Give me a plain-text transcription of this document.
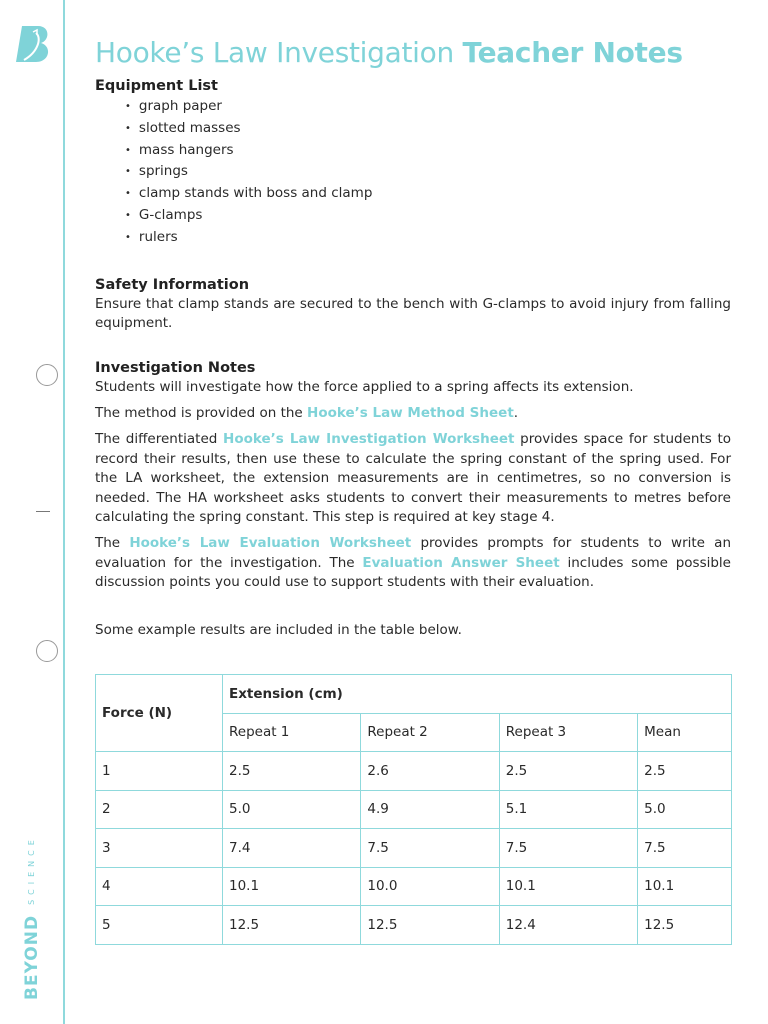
BEYONDSCIENCE
Hooke’s Law Investigation Teacher Notes
Equipment List
• graph paper
• slotted masses
• mass hangers
• springs
• clamp stands with boss and clamp
• G-clamps
• rulers
Safety Information

Ensure that clamp stands are secured to the bench with G-clamps to avoid injury from falling equipment.

Investigation Notes

Students will investigate how the force applied to a spring affects its extension.

The method is provided on the Hooke’s Law Method Sheet.

The differentiated Hooke’s Law Investigation Worksheet provides space for students to record their results, then use these to calculate the spring constant of the spring used. For the LA worksheet, the extension measurements are in centimetres, so no conversion is needed. The HA worksheet asks students to convert their measurements to metres before calculating the spring constant. This step is required at key stage 4.

The Hooke’s Law Evaluation Worksheet provides prompts for students to write an evaluation for the investigation. The Evaluation Answer Sheet includes some possible discussion points you could use to support students with their evaluation.

Some example results are included in the table below.

Force (N)	Extension (cm)			
	Repeat 1	Repeat 2	Repeat 3	Mean
1	2.5	2.6	2.5	2.5
2	5.0	4.9	5.1	5.0
3	7.4	7.5	7.5	7.5
4	10.1	10.0	10.1	10.1
5	12.5	12.5	12.4	12.5
